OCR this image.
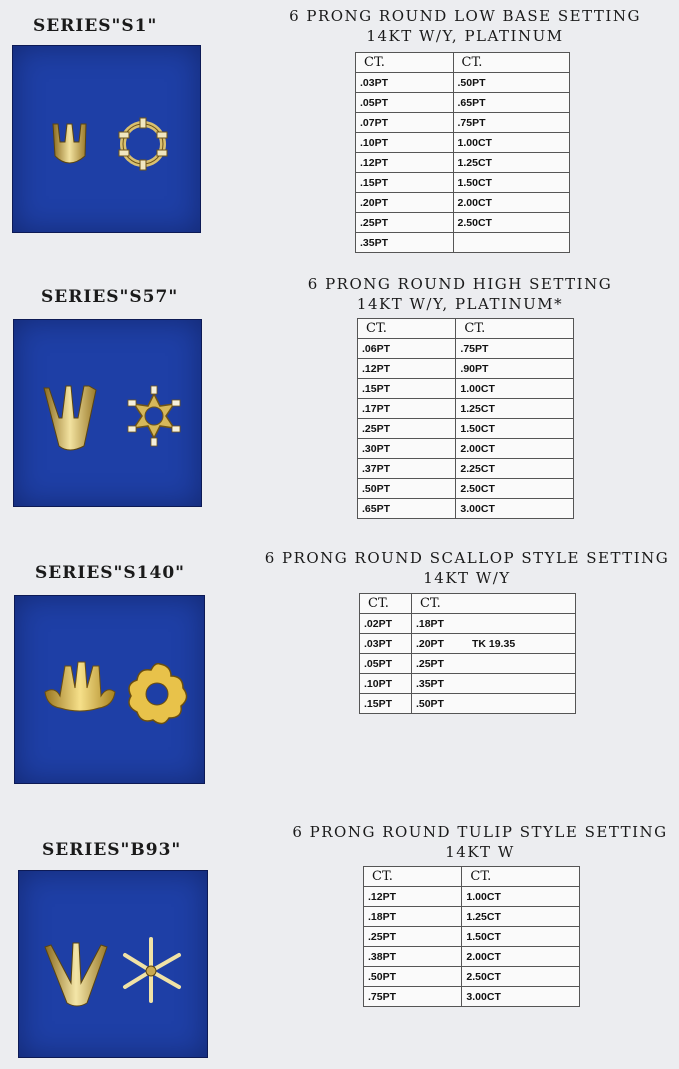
SERIES"S1"	6 PRONG ROUND LOW BASE SETTING
14KT W/Y, PLATINUM
CT.	CT.
.03PT	.50PT
.05PT	.65PT
.07PT	.75PT
.10PT	1.00CT
.12PT	1.25CT
.15PT	1.50CT
.20PT	2.00CT
.25PT	2.50CT
.35PT	
SERIES"S57"
6 PRONG ROUND HIGH SETTING
14KT W/Y, PLATINUM*
CT.	CT.
.06PT	.75PT
.12PT	.90PT
.15PT	1.00CT
.17PT	1.25CT
.25PT	1.50CT
.30PT	2.00CT
.37PT	2.25CT
.50PT	2.50CT
.65PT	3.00CT
SERIES"S140"
6 PRONG ROUND SCALLOP STYLE SETTING
14KT W/Y
CT.	CT.
.02PT	.18PT
.03PT	.20PT TK 19.35
.05PT	.25PT
.10PT	.35PT
.15PT	.50PT
SERIES"B93"
6 PRONG ROUND TULIP STYLE SETTING
14KT W
CT.	CT.
.12PT	1.00CT
.18PT	1.25CT
.25PT	1.50CT
.38PT	2.00CT
.50PT	2.50CT
.75PT	3.00CT
